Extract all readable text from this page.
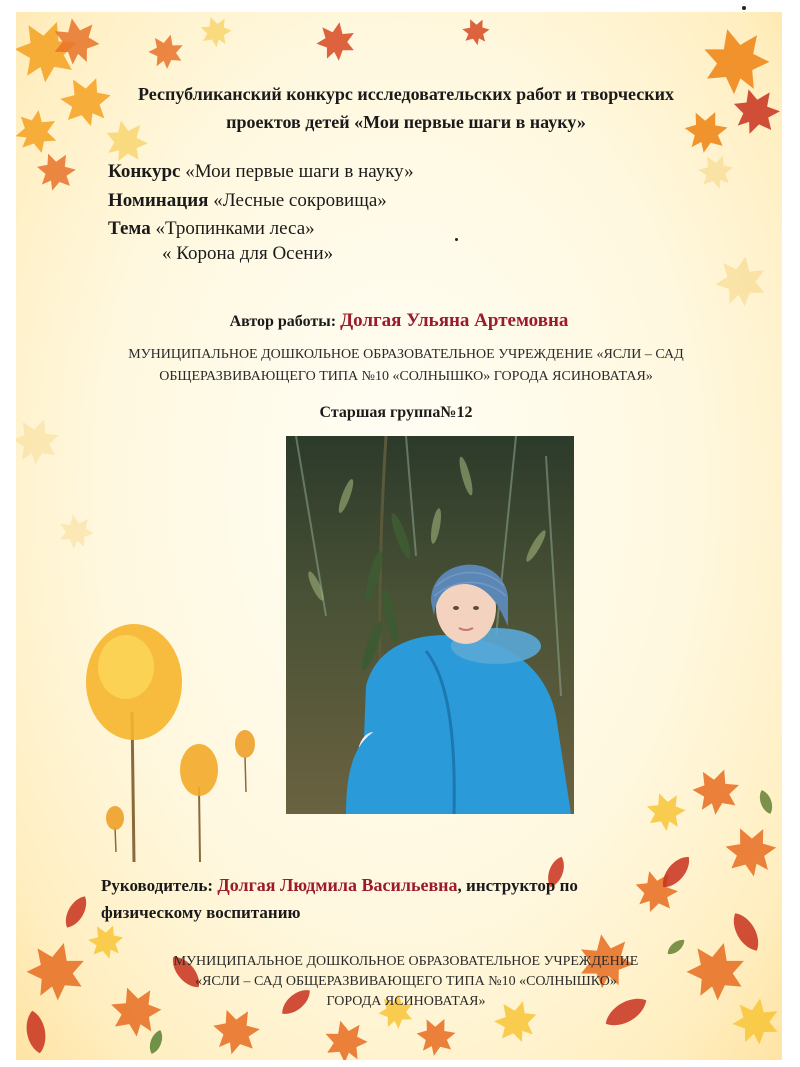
Республиканский конкурс исследовательских работ и творческих
проектов детей «Мои первые шаги в науку»

Конкурс «Мои первые шаги в науку»

Номинация «Лесные сокровища»

Тема «Тропинками леса»

« Корона для Осени»

Автор работы: Долгая Ульяна Артемовна

МУНИЦИПАЛЬНОЕ ДОШКОЛЬНОЕ ОБРАЗОВАТЕЛЬНОЕ УЧРЕЖДЕНИЕ «ЯСЛИ – САД
ОБЩЕРАЗВИВАЮЩЕГО ТИПА №10 «СОЛНЫШКО» ГОРОДА ЯСИНОВАТАЯ»

Старшая группа№12

Руководитель: Долгая Людмила Васильевна, инструктор по
физическому воспитанию

МУНИЦИПАЛЬНОЕ ДОШКОЛЬНОЕ ОБРАЗОВАТЕЛЬНОЕ УЧРЕЖДЕНИЕ
«ЯСЛИ – САД ОБЩЕРАЗВИВАЮЩЕГО ТИПА №10 «СОЛНЫШКО»
ГОРОДА ЯСИНОВАТАЯ»
